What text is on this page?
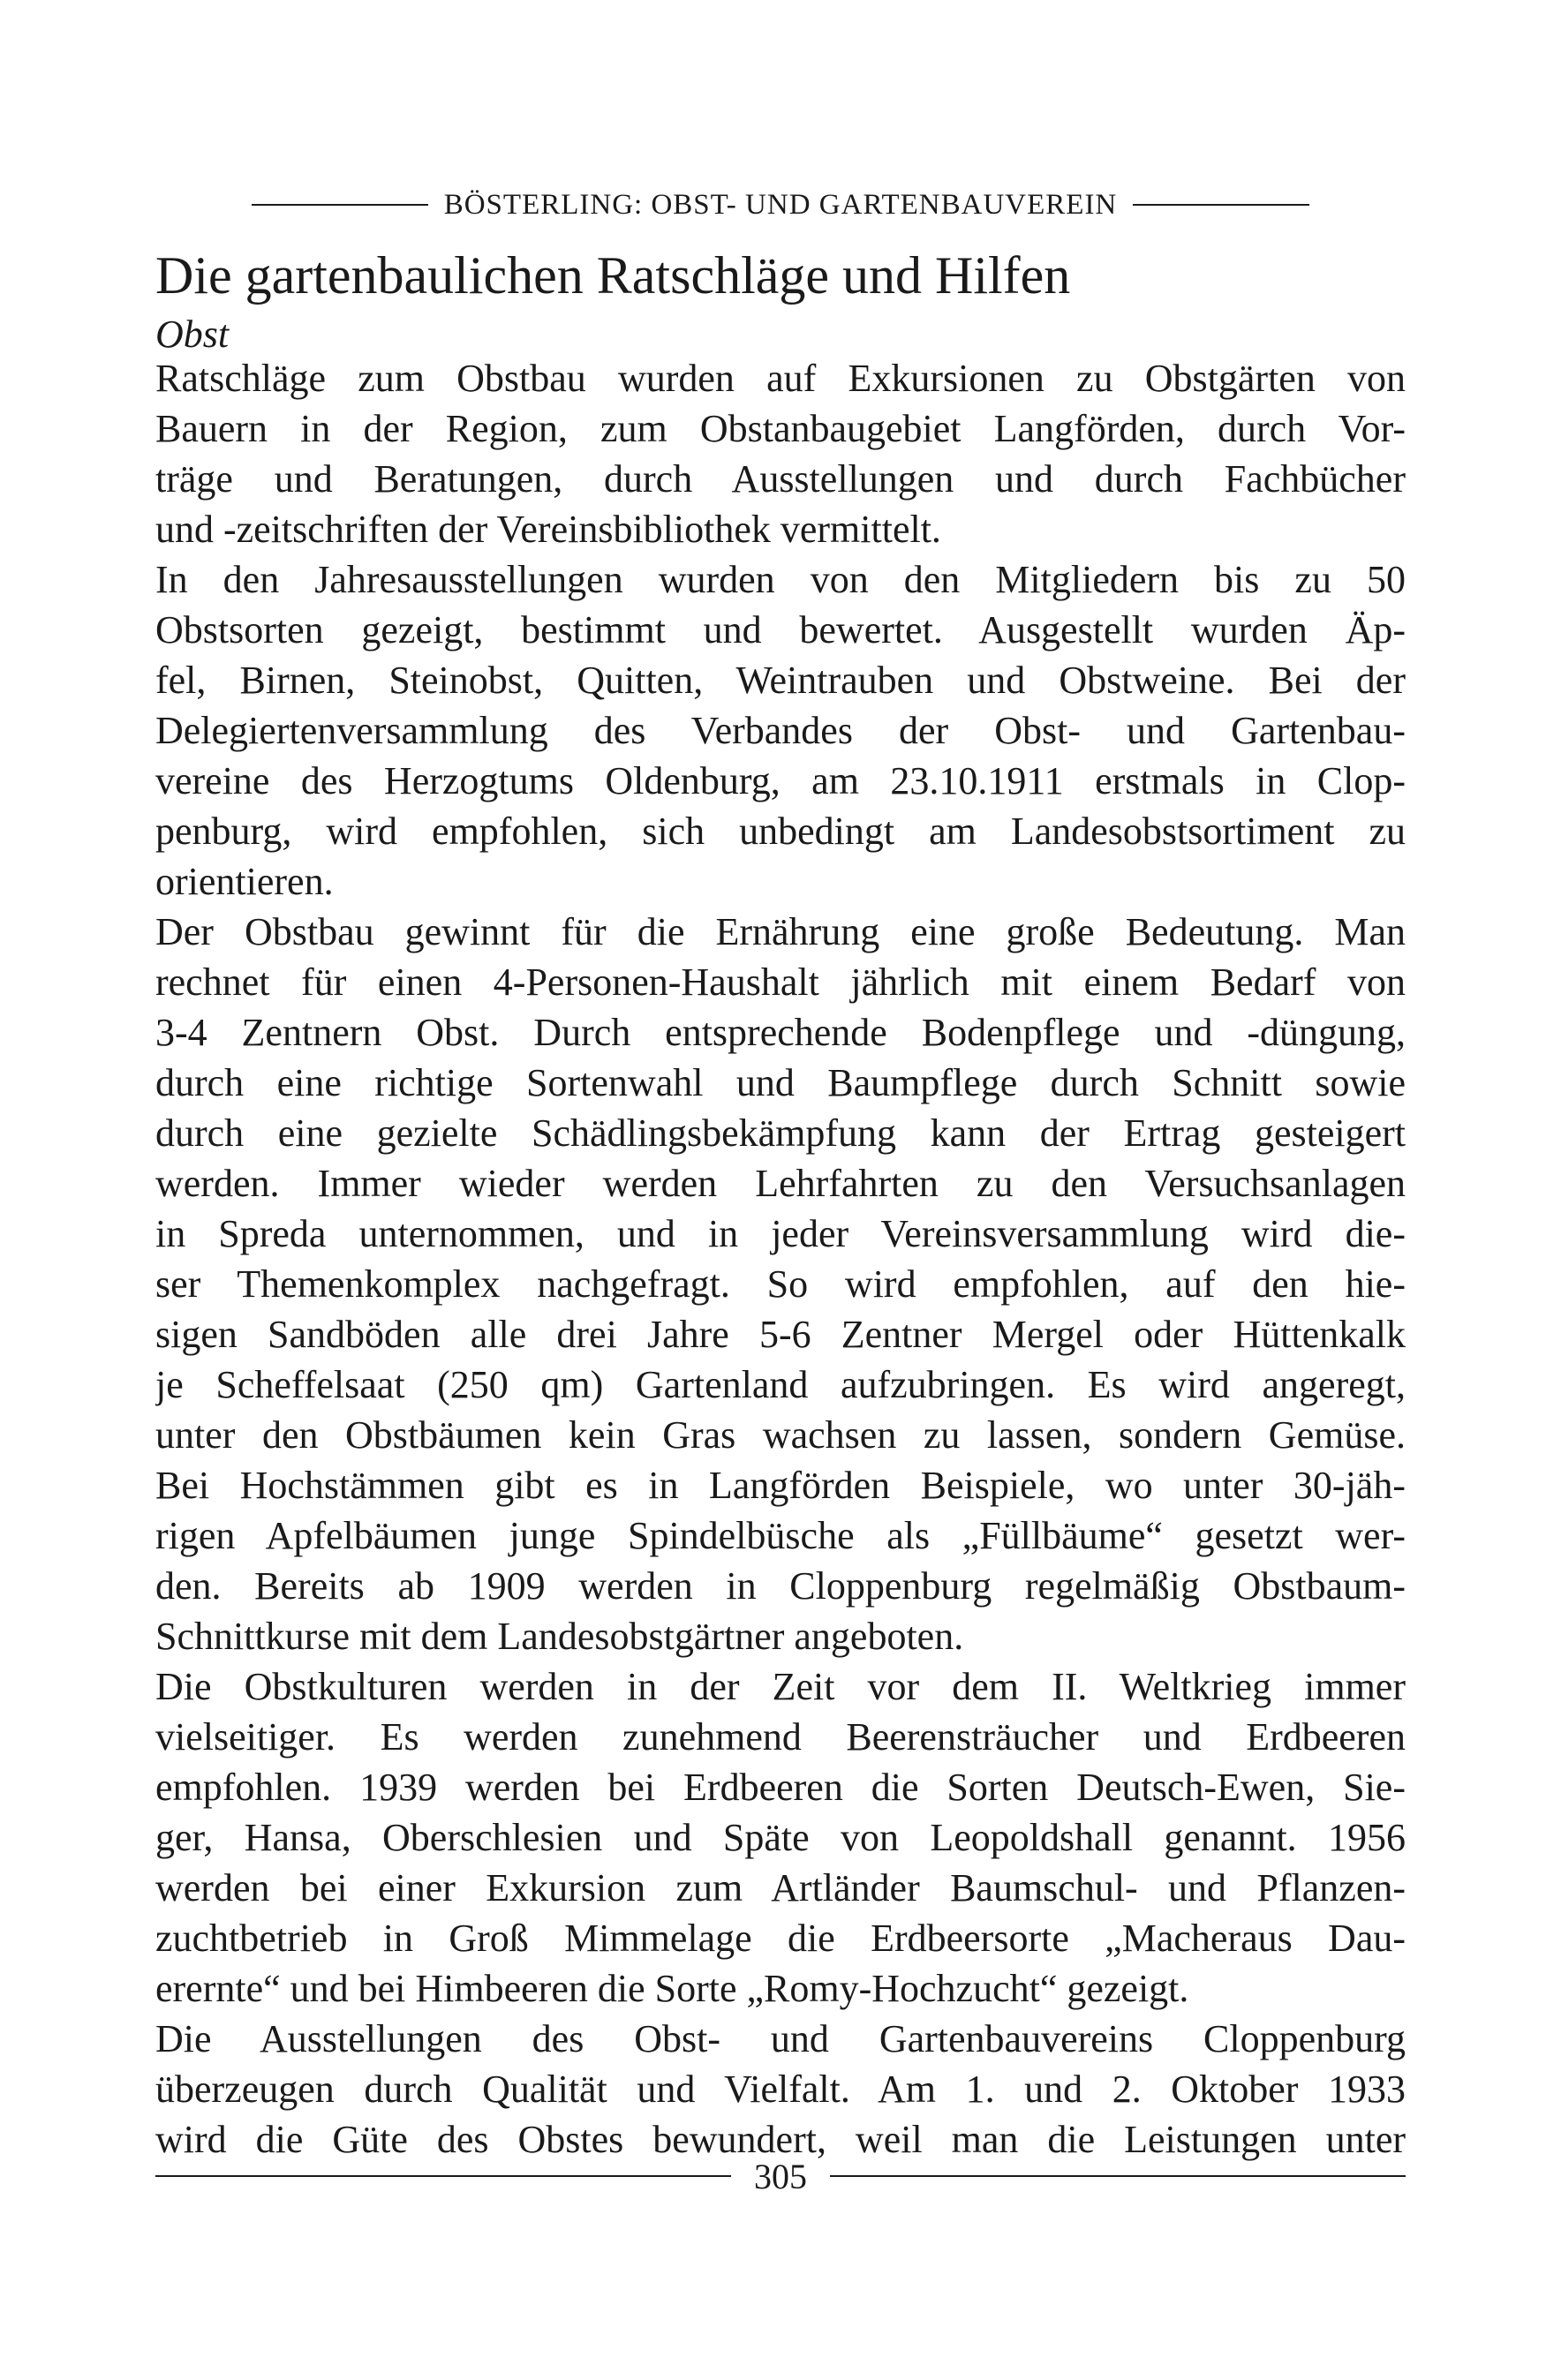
BÖSTERLING: OBST- UND GARTENBAUVEREIN
Die gartenbaulichen Ratschläge und Hilfen
Obst
Ratschläge zum Obstbau wurden auf Exkursionen zu Obstgärten von
Bauern in der Region, zum Obstanbaugebiet Langförden, durch Vor-
träge und Beratungen, durch Ausstellungen und durch Fachbücher
und -zeitschriften der Vereinsbibliothek vermittelt.
In den Jahresausstellungen wurden von den Mitgliedern bis zu 50
Obstsorten gezeigt, bestimmt und bewertet. Ausgestellt wurden Äp-
fel, Birnen, Steinobst, Quitten, Weintrauben und Obstweine. Bei der
Delegiertenversammlung des Verbandes der Obst- und Gartenbau-
vereine des Herzogtums Oldenburg, am 23.10.1911 erstmals in Clop-
penburg, wird empfohlen, sich unbedingt am Landesobstsortiment zu
orientieren.
Der Obstbau gewinnt für die Ernährung eine große Bedeutung. Man
rechnet für einen 4-Personen-Haushalt jährlich mit einem Bedarf von
3-4 Zentnern Obst. Durch entsprechende Bodenpflege und -düngung,
durch eine richtige Sortenwahl und Baumpflege durch Schnitt sowie
durch eine gezielte Schädlingsbekämpfung kann der Ertrag gesteigert
werden. Immer wieder werden Lehrfahrten zu den Versuchsanlagen
in Spreda unternommen, und in jeder Vereinsversammlung wird die-
ser Themenkomplex nachgefragt. So wird empfohlen, auf den hie-
sigen Sandböden alle drei Jahre 5-6 Zentner Mergel oder Hüttenkalk
je Scheffelsaat (250 qm) Gartenland aufzubringen. Es wird angeregt,
unter den Obstbäumen kein Gras wachsen zu lassen, sondern Gemüse.
Bei Hochstämmen gibt es in Langförden Beispiele, wo unter 30-jäh-
rigen Apfelbäumen junge Spindelbüsche als „Füllbäume“ gesetzt wer-
den. Bereits ab 1909 werden in Cloppenburg regelmäßig Obstbaum-
Schnittkurse mit dem Landesobstgärtner angeboten.
Die Obstkulturen werden in der Zeit vor dem II. Weltkrieg immer
vielseitiger. Es werden zunehmend Beerensträucher und Erdbeeren
empfohlen. 1939 werden bei Erdbeeren die Sorten Deutsch-Ewen, Sie-
ger, Hansa, Oberschlesien und Späte von Leopoldshall genannt. 1956
werden bei einer Exkursion zum Artländer Baumschul- und Pflanzen-
zuchtbetrieb in Groß Mimmelage die Erdbeersorte „Macheraus Dau-
erernte“ und bei Himbeeren die Sorte „Romy-Hochzucht“ gezeigt.
Die Ausstellungen des Obst- und Gartenbauvereins Cloppenburg
überzeugen durch Qualität und Vielfalt. Am 1. und 2. Oktober 1933
wird die Güte des Obstes bewundert, weil man die Leistungen unter
305
